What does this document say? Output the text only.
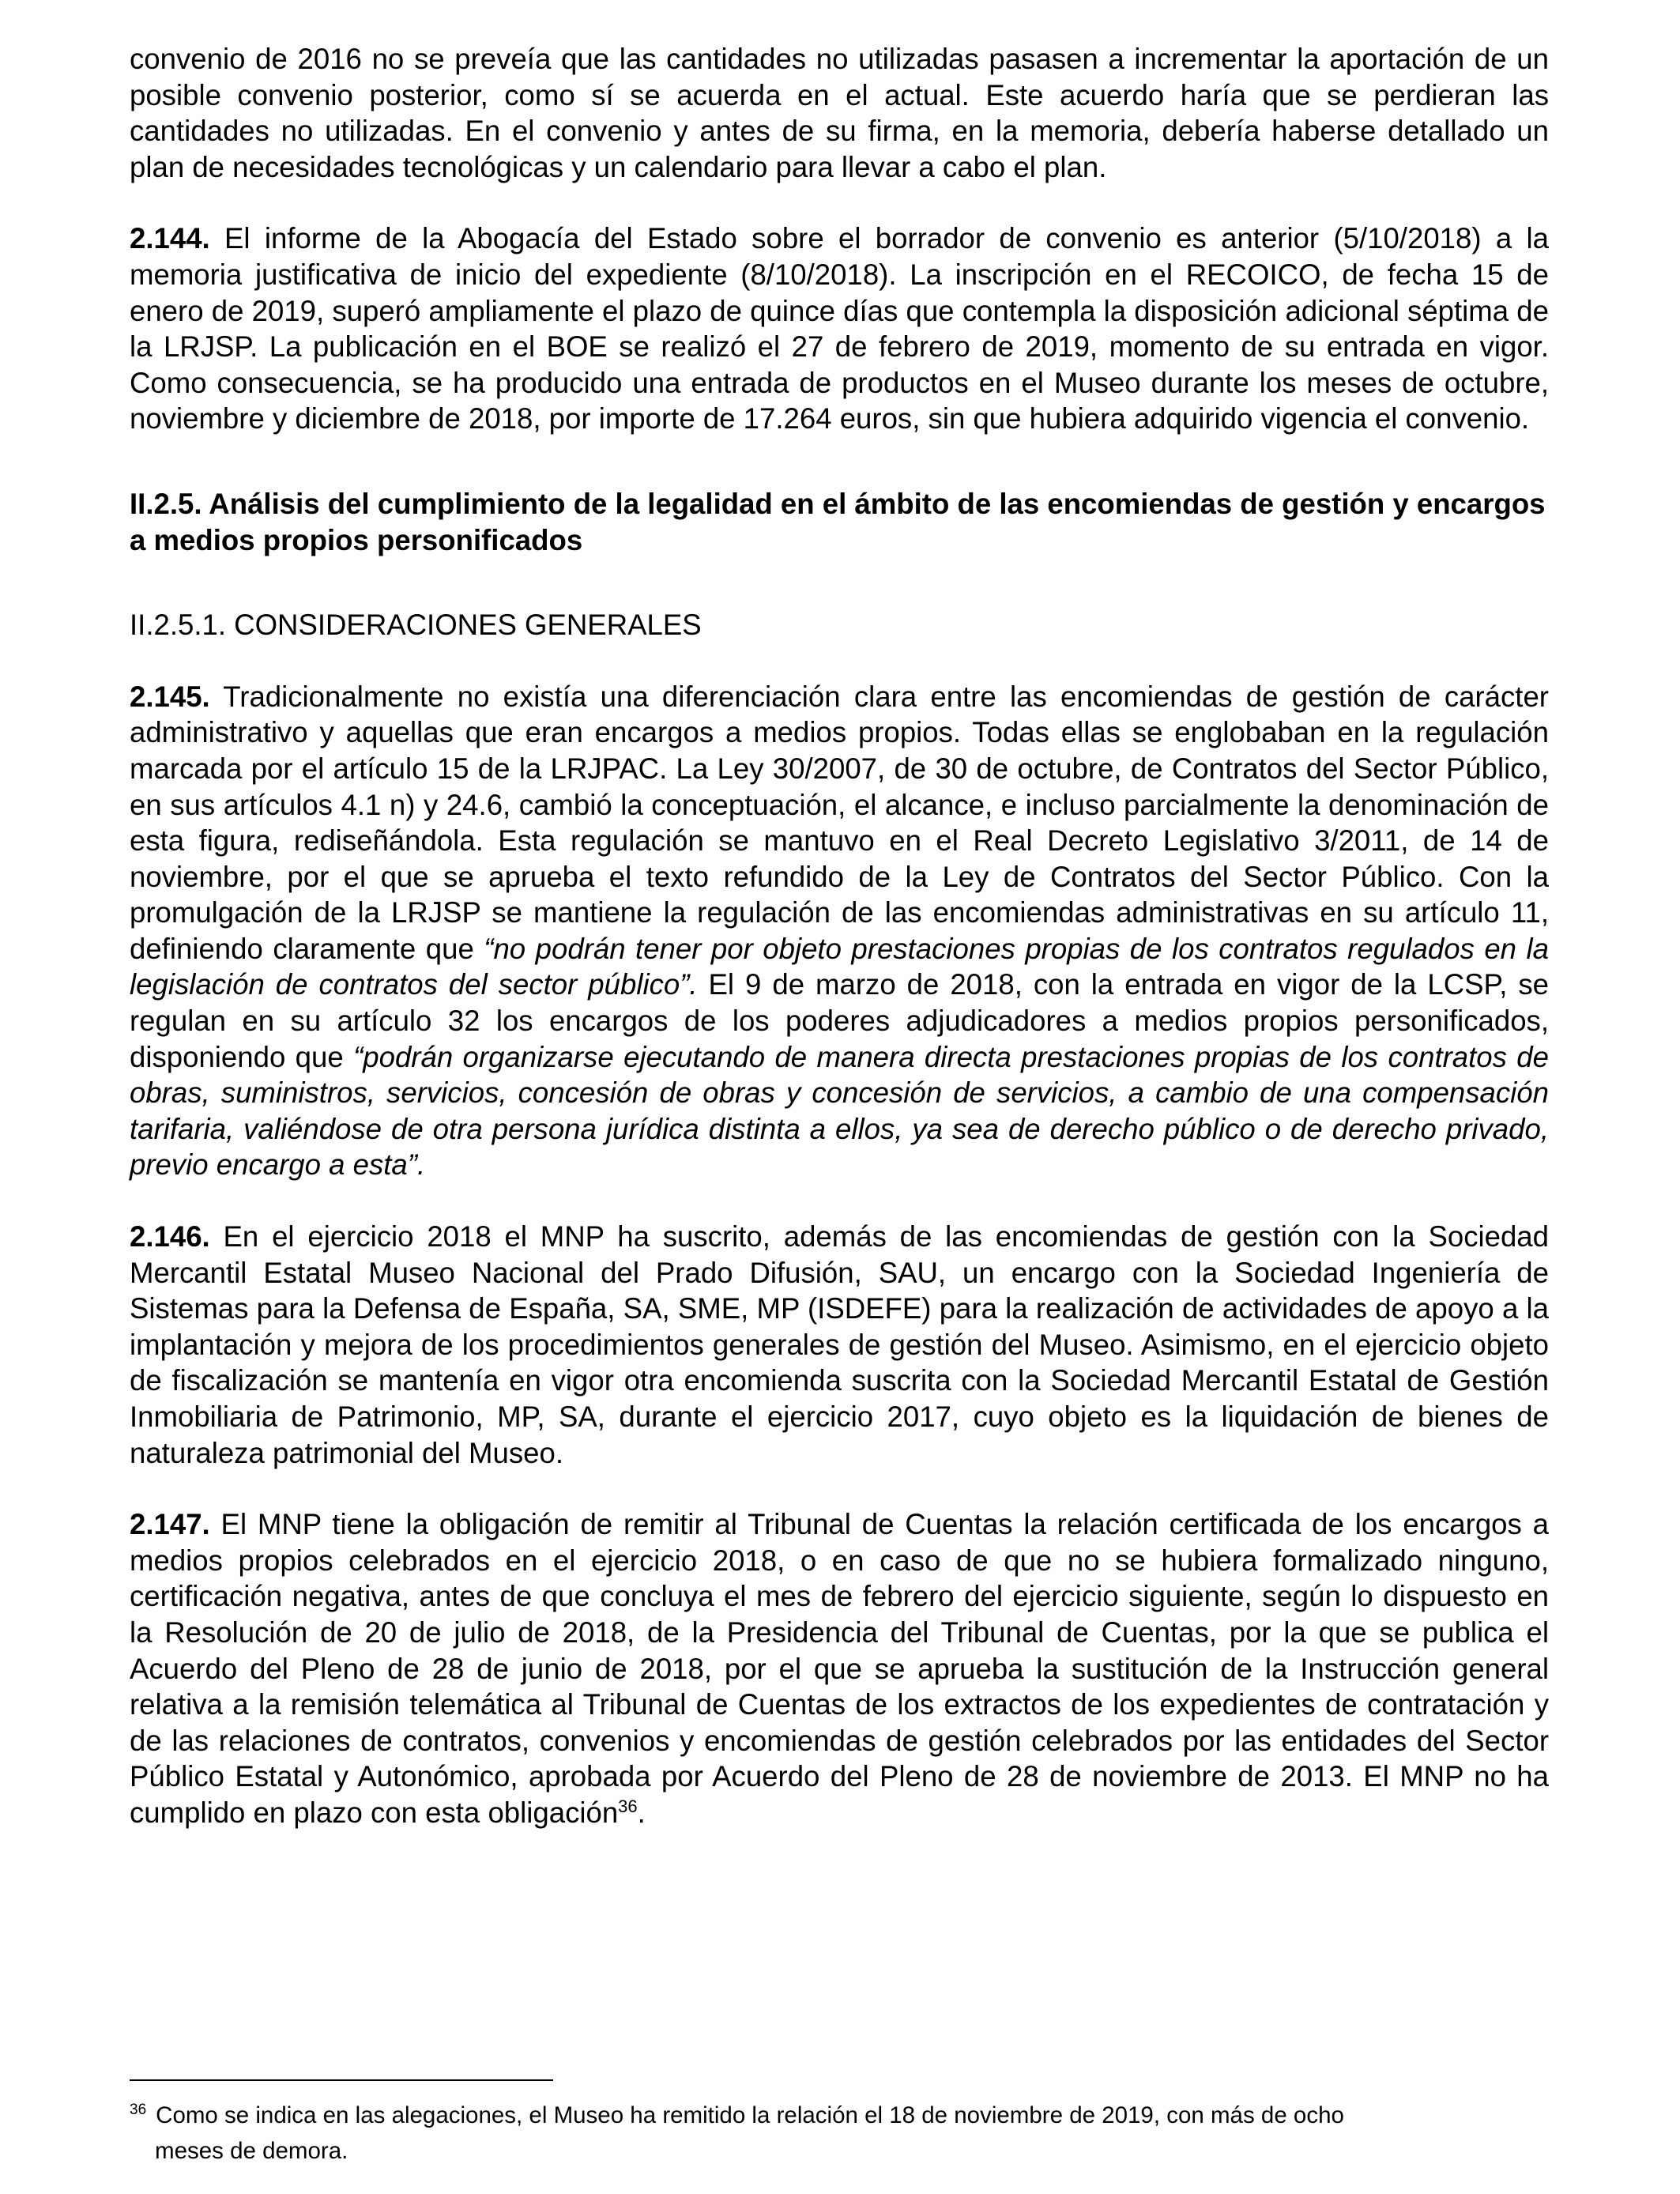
convenio de 2016 no se preveía que las cantidades no utilizadas pasasen a incrementar la aportación de un posible convenio posterior, como sí se acuerda en el actual. Este acuerdo haría que se perdieran las cantidades no utilizadas. En el convenio y antes de su firma, en la memoria, debería haberse detallado un plan de necesidades tecnológicas y un calendario para llevar a cabo el plan.

2.144. El informe de la Abogacía del Estado sobre el borrador de convenio es anterior (5/10/2018) a la memoria justificativa de inicio del expediente (8/10/2018). La inscripción en el RECOICO, de fecha 15 de enero de 2019, superó ampliamente el plazo de quince días que contempla la disposición adicional séptima de la LRJSP. La publicación en el BOE se realizó el 27 de febrero de 2019, momento de su entrada en vigor. Como consecuencia, se ha producido una entrada de productos en el Museo durante los meses de octubre, noviembre y diciembre de 2018, por importe de 17.264 euros, sin que hubiera adquirido vigencia el convenio.

II.2.5. Análisis del cumplimiento de la legalidad en el ámbito de las encomiendas de gestión y encargos a medios propios personificados

II.2.5.1. CONSIDERACIONES GENERALES

2.145. Tradicionalmente no existía una diferenciación clara entre las encomiendas de gestión de carácter administrativo y aquellas que eran encargos a medios propios. Todas ellas se englobaban en la regulación marcada por el artículo 15 de la LRJPAC. La Ley 30/2007, de 30 de octubre, de Contratos del Sector Público, en sus artículos 4.1 n) y 24.6, cambió la conceptuación, el alcance, e incluso parcialmente la denominación de esta figura, rediseñándola. Esta regulación se mantuvo en el Real Decreto Legislativo 3/2011, de 14 de noviembre, por el que se aprueba el texto refundido de la Ley de Contratos del Sector Público. Con la promulgación de la LRJSP se mantiene la regulación de las encomiendas administrativas en su artículo 11, definiendo claramente que “no podrán tener por objeto prestaciones propias de los contratos regulados en la legislación de contratos del sector público”. El 9 de marzo de 2018, con la entrada en vigor de la LCSP, se regulan en su artículo 32 los encargos de los poderes adjudicadores a medios propios personificados, disponiendo que “podrán organizarse ejecutando de manera directa prestaciones propias de los contratos de obras, suministros, servicios, concesión de obras y concesión de servicios, a cambio de una compensación tarifaria, valiéndose de otra persona jurídica distinta a ellos, ya sea de derecho público o de derecho privado, previo encargo a esta”.

2.146. En el ejercicio 2018 el MNP ha suscrito, además de las encomiendas de gestión con la Sociedad Mercantil Estatal Museo Nacional del Prado Difusión, SAU, un encargo con la Sociedad Ingeniería de Sistemas para la Defensa de España, SA, SME, MP (ISDEFE) para la realización de actividades de apoyo a la implantación y mejora de los procedimientos generales de gestión del Museo. Asimismo, en el ejercicio objeto de fiscalización se mantenía en vigor otra encomienda suscrita con la Sociedad Mercantil Estatal de Gestión Inmobiliaria de Patrimonio, MP, SA, durante el ejercicio 2017, cuyo objeto es la liquidación de bienes de naturaleza patrimonial del Museo.

2.147. El MNP tiene la obligación de remitir al Tribunal de Cuentas la relación certificada de los encargos a medios propios celebrados en el ejercicio 2018, o en caso de que no se hubiera formalizado ninguno, certificación negativa, antes de que concluya el mes de febrero del ejercicio siguiente, según lo dispuesto en la Resolución de 20 de julio de 2018, de la Presidencia del Tribunal de Cuentas, por la que se publica el Acuerdo del Pleno de 28 de junio de 2018, por el que se aprueba la sustitución de la Instrucción general relativa a la remisión telemática al Tribunal de Cuentas de los extractos de los expedientes de contratación y de las relaciones de contratos, convenios y encomiendas de gestión celebrados por las entidades del Sector Público Estatal y Autonómico, aprobada por Acuerdo del Pleno de 28 de noviembre de 2013. El MNP no ha cumplido en plazo con esta obligación$^{36}$.

$^{36}$ Como se indica en las alegaciones, el Museo ha remitido la relación el 18 de noviembre de 2019, con más de ocho
meses de demora.
